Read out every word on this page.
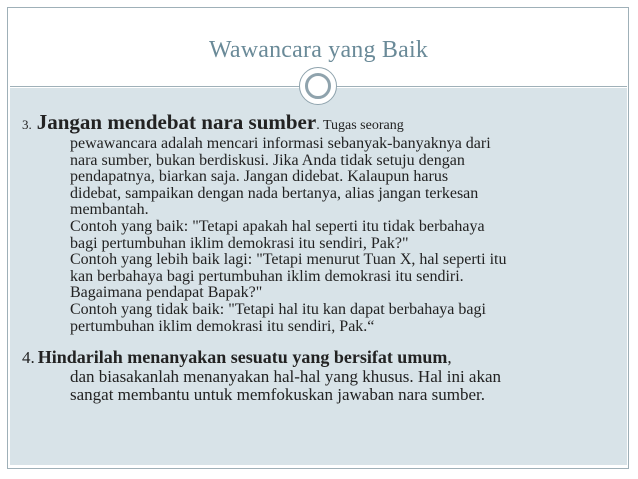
Wawancara yang Baik

3. Jangan mendebat nara sumber. Tugas seorang

pewawancara adalah mencari informasi sebanyak-banyaknya dari
nara sumber, bukan berdiskusi. Jika Anda tidak setuju dengan
pendapatnya, biarkan saja. Jangan didebat. Kalaupun harus
didebat, sampaikan dengan nada bertanya, alias jangan terkesan
membantah.
Contoh yang baik: "Tetapi apakah hal seperti itu tidak berbahaya
bagi pertumbuhan iklim demokrasi itu sendiri, Pak?"
Contoh yang lebih baik lagi: "Tetapi menurut Tuan X, hal seperti itu
kan berbahaya bagi pertumbuhan iklim demokrasi itu sendiri.
Bagaimana pendapat Bapak?"
Contoh yang tidak baik: "Tetapi hal itu kan dapat berbahaya bagi
pertumbuhan iklim demokrasi itu sendiri, Pak.“

4. Hindarilah menanyakan sesuatu yang bersifat umum,

dan biasakanlah menanyakan hal-hal yang khusus. Hal ini akan
sangat membantu untuk memfokuskan jawaban nara sumber.
